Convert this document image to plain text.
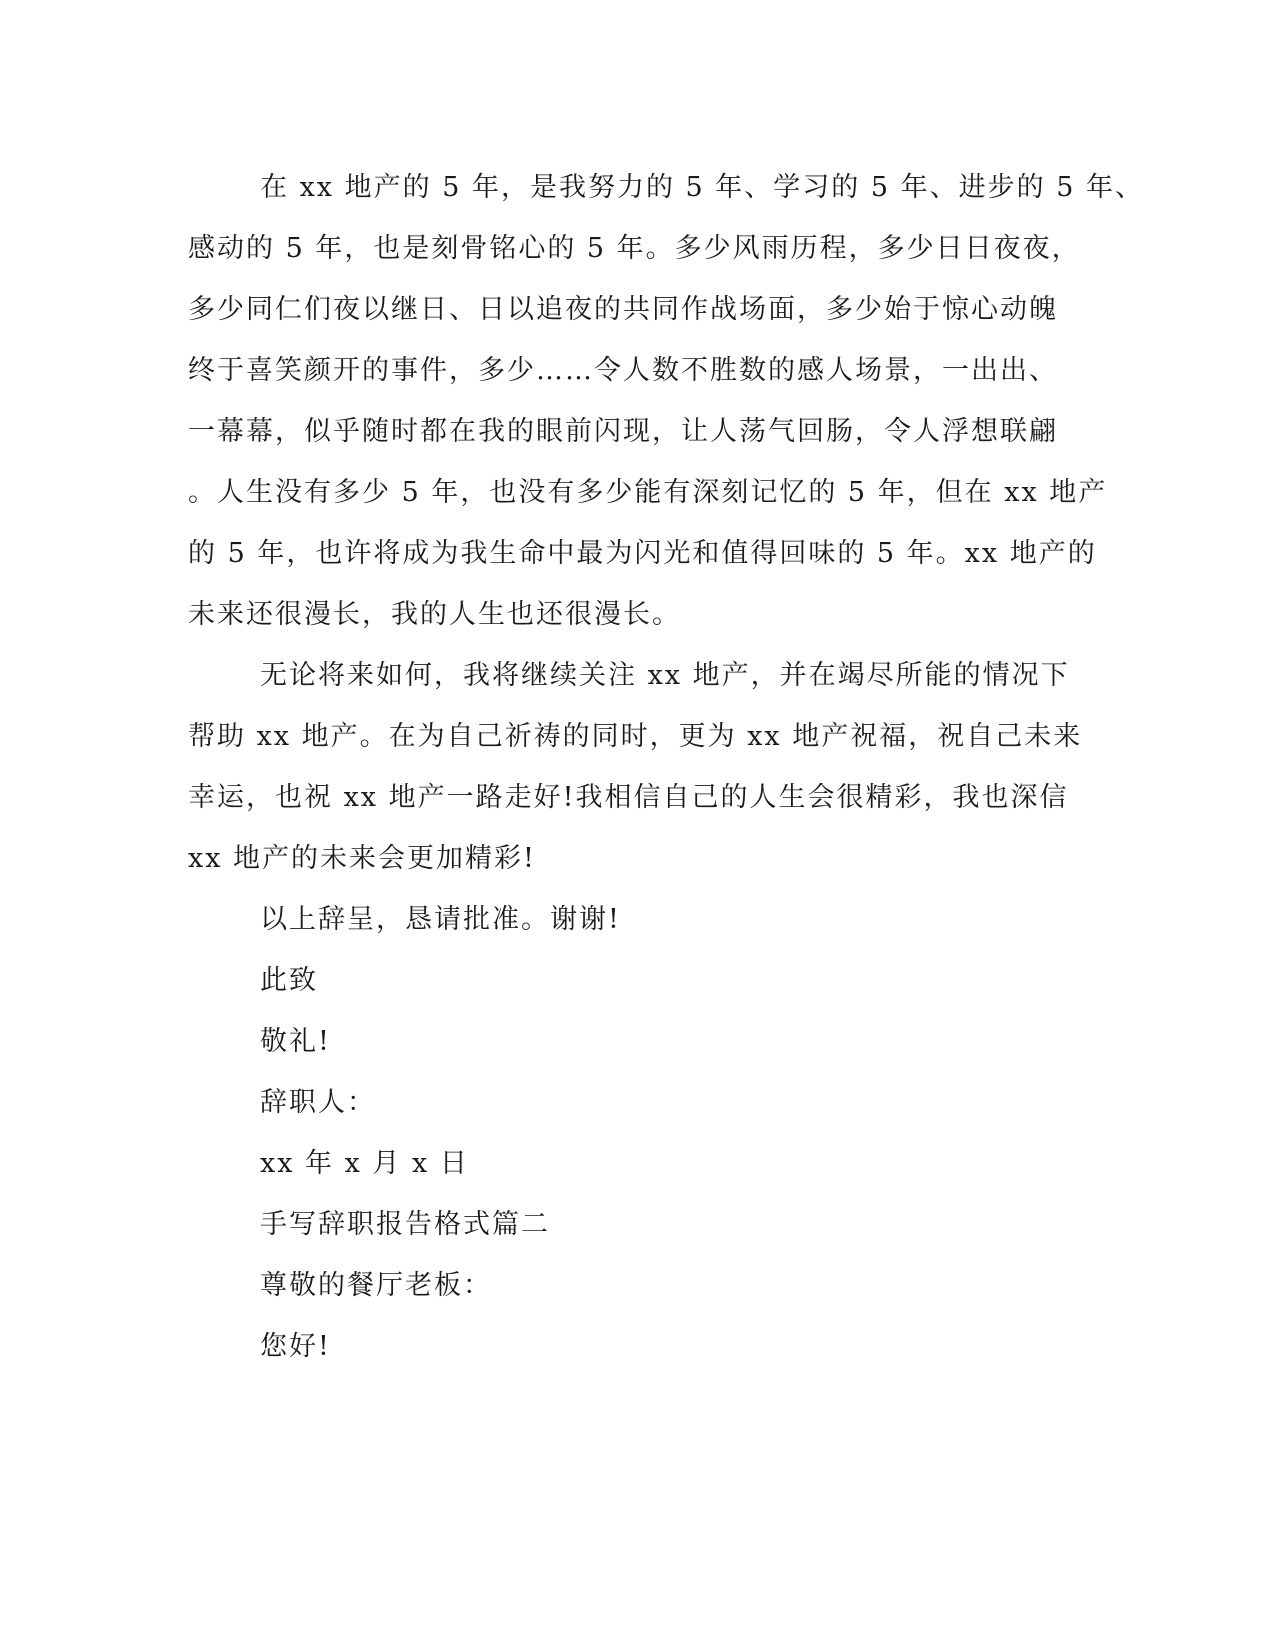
在 xx 地产的 5 年，是我努力的 5 年、学习的 5 年、进步的 5 年、
感动的 5 年，也是刻骨铭心的 5 年。多少风雨历程，多少日日夜夜，
多少同仁们夜以继日、日以追夜的共同作战场面，多少始于惊心动魄
终于喜笑颜开的事件，多少……令人数不胜数的感人场景，一出出、
一幕幕，似乎随时都在我的眼前闪现，让人荡气回肠，令人浮想联翩
。人生没有多少 5 年，也没有多少能有深刻记忆的 5 年，但在 xx 地产
的 5 年，也许将成为我生命中最为闪光和值得回味的 5 年。xx 地产的
未来还很漫长，我的人生也还很漫长。
无论将来如何，我将继续关注 xx 地产，并在竭尽所能的情况下
帮助 xx 地产。在为自己祈祷的同时，更为 xx 地产祝福，祝自己未来
幸运，也祝 xx 地产一路走好!我相信自己的人生会很精彩，我也深信
xx 地产的未来会更加精彩!
以上辞呈，恳请批准。谢谢!
此致
敬礼!
辞职人：
xx 年 x 月 x 日
手写辞职报告格式篇二
尊敬的餐厅老板：
您好!
